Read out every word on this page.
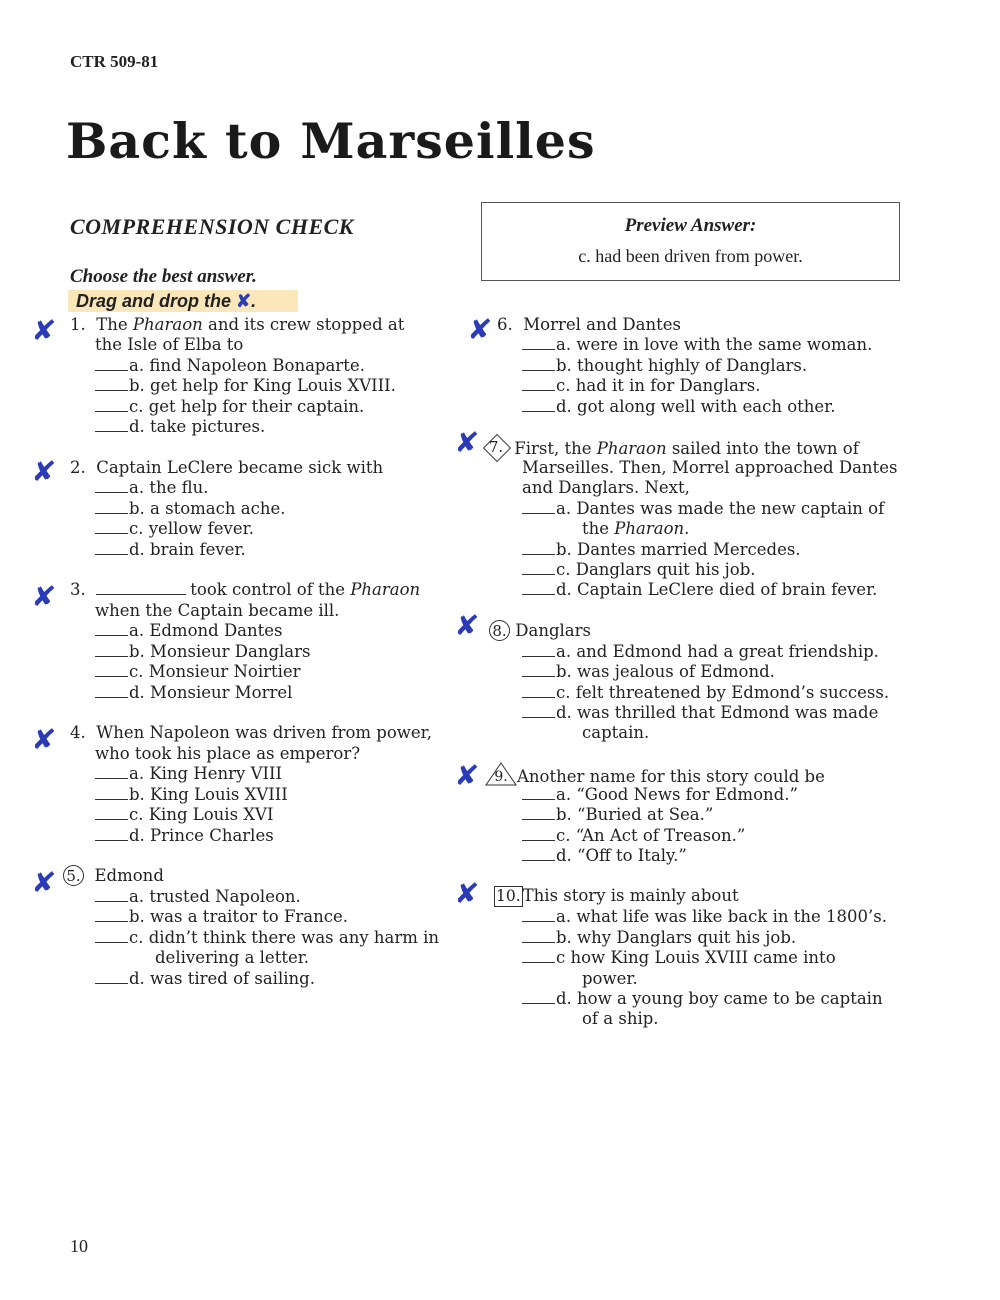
CTR 509-81
Back to Marseilles
COMPREHENSION CHECK	Preview Answer:
c. had been driven from power.
Choose the best answer.
Drag and drop the ✘.
✘
✘
✘
✘
✘
✘
✘
✘
✘
✘
1. The Pharaon and its crew stopped at
the Isle of Elba to
a. find Napoleon Bonaparte.
b. get help for King Louis XVIII.
c. get help for their captain.
d. take pictures.
2. Captain LeClere became sick with
a. the flu.
b. a stomach ache.
c. yellow fever.
d. brain fever.
3.	took control of the Pharaon
when the Captain became ill.
a. Edmond Dantes
b. Monsieur Danglars
c. Monsieur Noirtier
d. Monsieur Morrel
4. When Napoleon was driven from power,
who took his place as emperor?
a. King Henry VIII
b. King Louis XVIII
c. King Louis XVI
d. Prince Charles
5. Edmond
a. trusted Napoleon.
b. was a traitor to France.
c. didn’t think there was any harm in
delivering a letter.
d. was tired of sailing.
6. Morrel and Dantes
a. were in love with the same woman.
b. thought highly of Danglars.
c. had it in for Danglars.
d. got along well with each other.
7. First, the Pharaon sailed into the town of
Marseilles. Then, Morrel approached Dantes
and Danglars. Next,
a. Dantes was made the new captain of
the Pharaon.
b. Dantes married Mercedes.
c. Danglars quit his job.
d. Captain LeClere died of brain fever.
8. Danglars
a. and Edmond had a great friendship.
b. was jealous of Edmond.
c. felt threatened by Edmond’s success.
d. was thrilled that Edmond was made
captain.
9. Another name for this story could be
a. “Good News for Edmond.”
b. “Buried at Sea.”
c. “An Act of Treason.”
d. “Off to Italy.”
10. This story is mainly about
a. what life was like back in the 1800’s.
b. why Danglars quit his job.
c how King Louis XVIII came into
power.
d. how a young boy came to be captain
of a ship.
10
